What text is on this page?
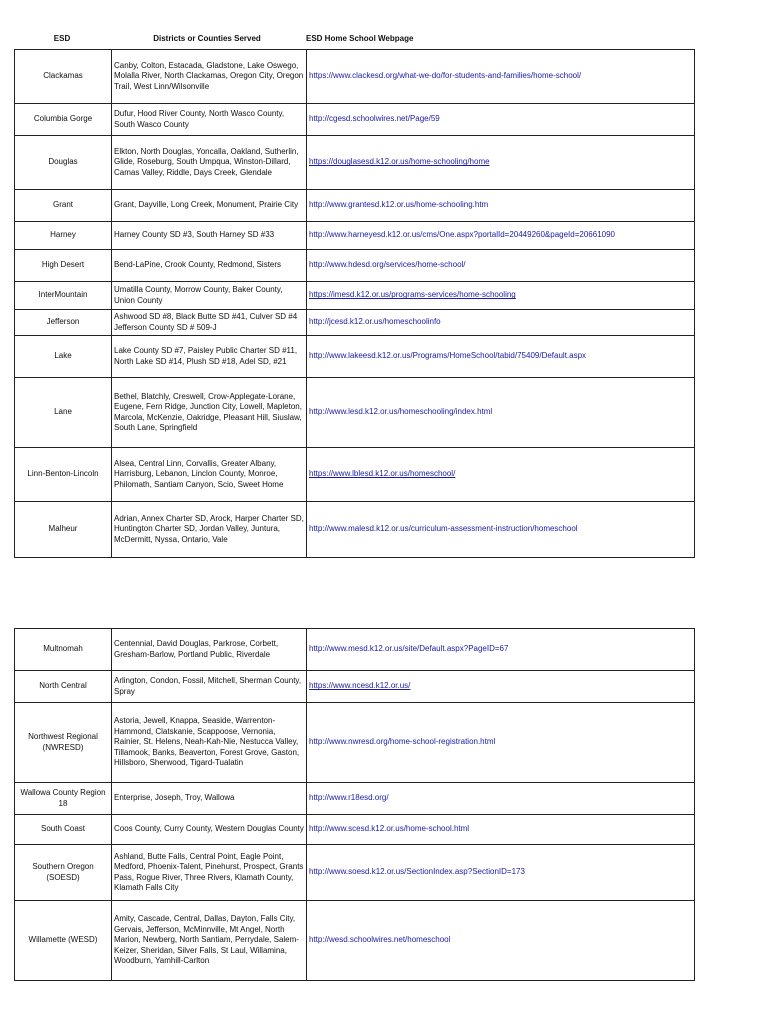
ESD	Districts or Counties Served	ESD Home School Webpage
Clackamas	Canby, Colton, Estacada, Gladstone, Lake Oswego, Molalla River, North Clackamas, Oregon City, Oregon Trail, West Linn/Wilsonville	https://www.clackesd.org/what-we-do/for-students-and-families/home-school/
Columbia Gorge	Dufur, Hood River County, North Wasco County, South Wasco County	http://cgesd.schoolwires.net/Page/59
Douglas	Elkton, North Douglas, Yoncalla, Oakland, Sutherlin, Glide, Roseburg, South Umpqua, Winston-Dillard, Camas Valley, Riddle, Days Creek, Glendale	https://douglasesd.k12.or.us/home-schooling/home
Grant	Grant, Dayville, Long Creek, Monument, Prairie City	http://www.grantesd.k12.or.us/home-schooling.htm
Harney	Harney County SD #3, South Harney SD #33	http://www.harneyesd.k12.or.us/cms/One.aspx?portalId=20449260&pageId=20661090
High Desert	Bend-LaPine, Crook County, Redmond, Sisters	http://www.hdesd.org/services/home-school/
InterMountain	Umatilla County, Morrow County, Baker County, Union County	https://imesd.k12.or.us/programs-services/home-schooling
Jefferson	Ashwood SD #8, Black Butte SD #41, Culver SD #4 Jefferson County SD # 509-J	http://jcesd.k12.or.us/homeschoolinfo
Lake	Lake County SD #7, Paisley Public Charter SD #11, North Lake SD #14, Plush SD #18, Adel SD, #21	http://www.lakeesd.k12.or.us/Programs/HomeSchool/tabid/75409/Default.aspx
Lane	Bethel, Blatchly, Creswell, Crow-Applegate-Lorane, Eugene, Fern Ridge, Junction City, Lowell, Mapleton, Marcola, McKenzie, Oakridge, Pleasant Hill, Siuslaw, South Lane, Springfield	http://www.lesd.k12.or.us/homeschooling/index.html
Linn-Benton-Lincoln	Alsea, Central Linn, Corvallis, Greater Albany, Harrisburg, Lebanon, Linclon County, Monroe, Philomath, Santiam Canyon, Scio, Sweet Home	https://www.lblesd.k12.or.us/homeschool/
Malheur	Adrian, Annex Charter SD, Arock, Harper Charter SD, Huntington Charter SD, Jordan Valley, Juntura, McDermitt, Nyssa, Ontario, Vale	http://www.malesd.k12.or.us/curriculum-assessment-instruction/homeschool
Multnomah	Centennial, David Douglas, Parkrose, Corbett, Gresham-Barlow, Portland Public, Riverdale	http://www.mesd.k12.or.us/site/Default.aspx?PageID=67
North Central	Arlington, Condon, Fossil, Mitchell, Sherman County, Spray	https://www.ncesd.k12.or.us/
Northwest Regional (NWRESD)	Astoria, Jewell, Knappa, Seaside, Warrenton-Hammond, Clatskanie, Scappoose, Vernonia, Rainier, St. Helens, Neah-Kah-Nie, Nestucca Valley, Tillamook, Banks, Beaverton, Forest Grove, Gaston, Hillsboro, Sherwood, Tigard-Tualatin	http://www.nwresd.org/home-school-registration.html
Wallowa County Region 18	Enterprise, Joseph, Troy, Wallowa	http://www.r18esd.org/
South Coast	Coos County, Curry County, Western Douglas County	http://www.scesd.k12.or.us/home-school.html
Southern Oregon (SOESD)	Ashland, Butte Falls, Central Point, Eagle Point, Medford, Phoenix-Talent, Pinehurst, Prospect, Grants Pass, Rogue River, Three Rivers, Klamath County, Klamath Falls City	http://www.soesd.k12.or.us/SectionIndex.asp?SectionID=173
Willamette (WESD)	Amity, Cascade, Central, Dallas, Dayton, Falls City, Gervais, Jefferson, McMinnville, Mt Angel, North Marion, Newberg, North Santiam, Perrydale, Salem-Keizer, Sheridan, Silver Falls, St Laul, Willamina, Woodburn, Yamhill-Carlton	http://wesd.schoolwires.net/homeschool
